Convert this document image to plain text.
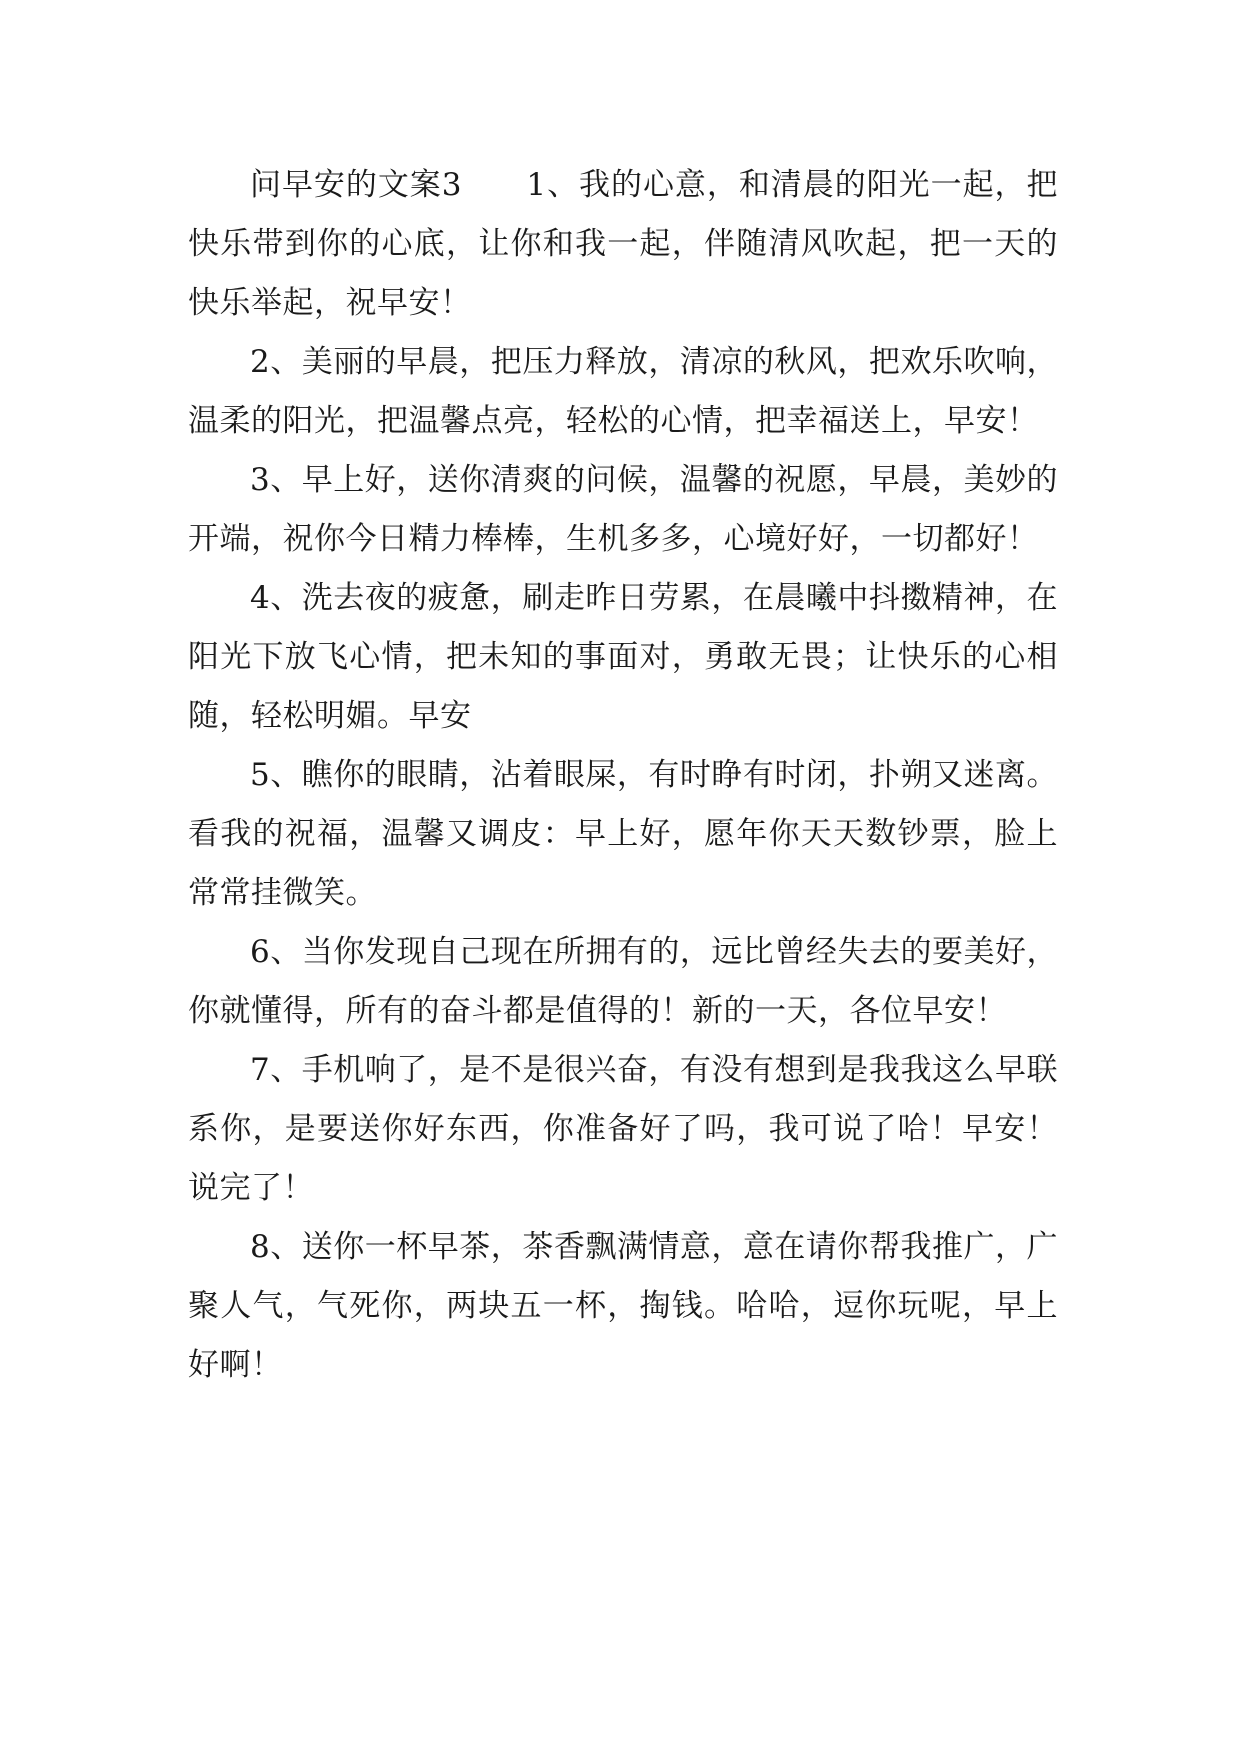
问早安的文案3　　1、我的心意，和清晨的阳光一起，把快乐带到你的心底，让你和我一起，伴随清风吹起，把一天的快乐举起，祝早安！

2、美丽的早晨，把压力释放，清凉的秋风，把欢乐吹响，温柔的阳光，把温馨点亮，轻松的心情，把幸福送上，早安！

3、早上好，送你清爽的问候，温馨的祝愿，早晨，美妙的开端，祝你今日精力棒棒，生机多多，心境好好，一切都好！

4、洗去夜的疲惫，刷走昨日劳累，在晨曦中抖擞精神，在阳光下放飞心情，把未知的事面对，勇敢无畏；让快乐的心相随，轻松明媚。早安

5、瞧你的眼睛，沾着眼屎，有时睁有时闭，扑朔又迷离。看我的祝福，温馨又调皮：早上好，愿年你天天数钞票，脸上常常挂微笑。

6、当你发现自己现在所拥有的，远比曾经失去的要美好，你就懂得，所有的奋斗都是值得的！新的一天，各位早安！

7、手机响了，是不是很兴奋，有没有想到是我我这么早联系你，是要送你好东西，你准备好了吗，我可说了哈！早安！说完了！

8、送你一杯早茶，茶香飘满情意，意在请你帮我推广，广聚人气，气死你，两块五一杯，掏钱。哈哈，逗你玩呢，早上好啊！
